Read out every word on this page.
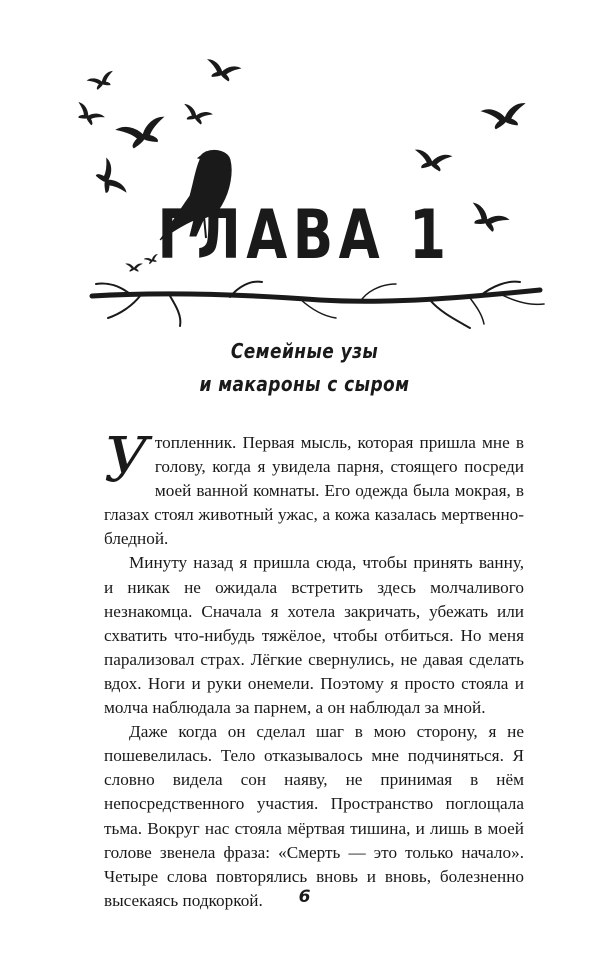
ГЛАВА 1
Семейные узы
и макароны с сыром

Утопленник. Первая мысль, которая пришла мне в голову, когда я увидела парня, стоящего посреди моей ванной комнаты. Его одежда была мокрая, в глазах стоял животный ужас, а кожа казалась мертвенно-бледной.

Минуту назад я пришла сюда, чтобы принять ванну, и никак не ожидала встретить здесь молчаливого незнакомца. Сначала я хотела закричать, убежать или схватить что-нибудь тяжёлое, чтобы отбиться. Но меня парализовал страх. Лёгкие свернулись, не давая сделать вдох. Ноги и руки онемели. Поэтому я просто стояла и молча наблюдала за парнем, а он наблюдал за мной.

Даже когда он сделал шаг в мою сторону, я не пошевелилась. Тело отказывалось мне подчиняться. Я словно видела сон наяву, не принимая в нём непосредственного участия. Пространство поглощала тьма. Вокруг нас стояла мёртвая тишина, и лишь в моей голове звенела фраза: «Смерть — это только начало». Четыре слова повторялись вновь и вновь, болезненно высекаясь подкоркой.	6
